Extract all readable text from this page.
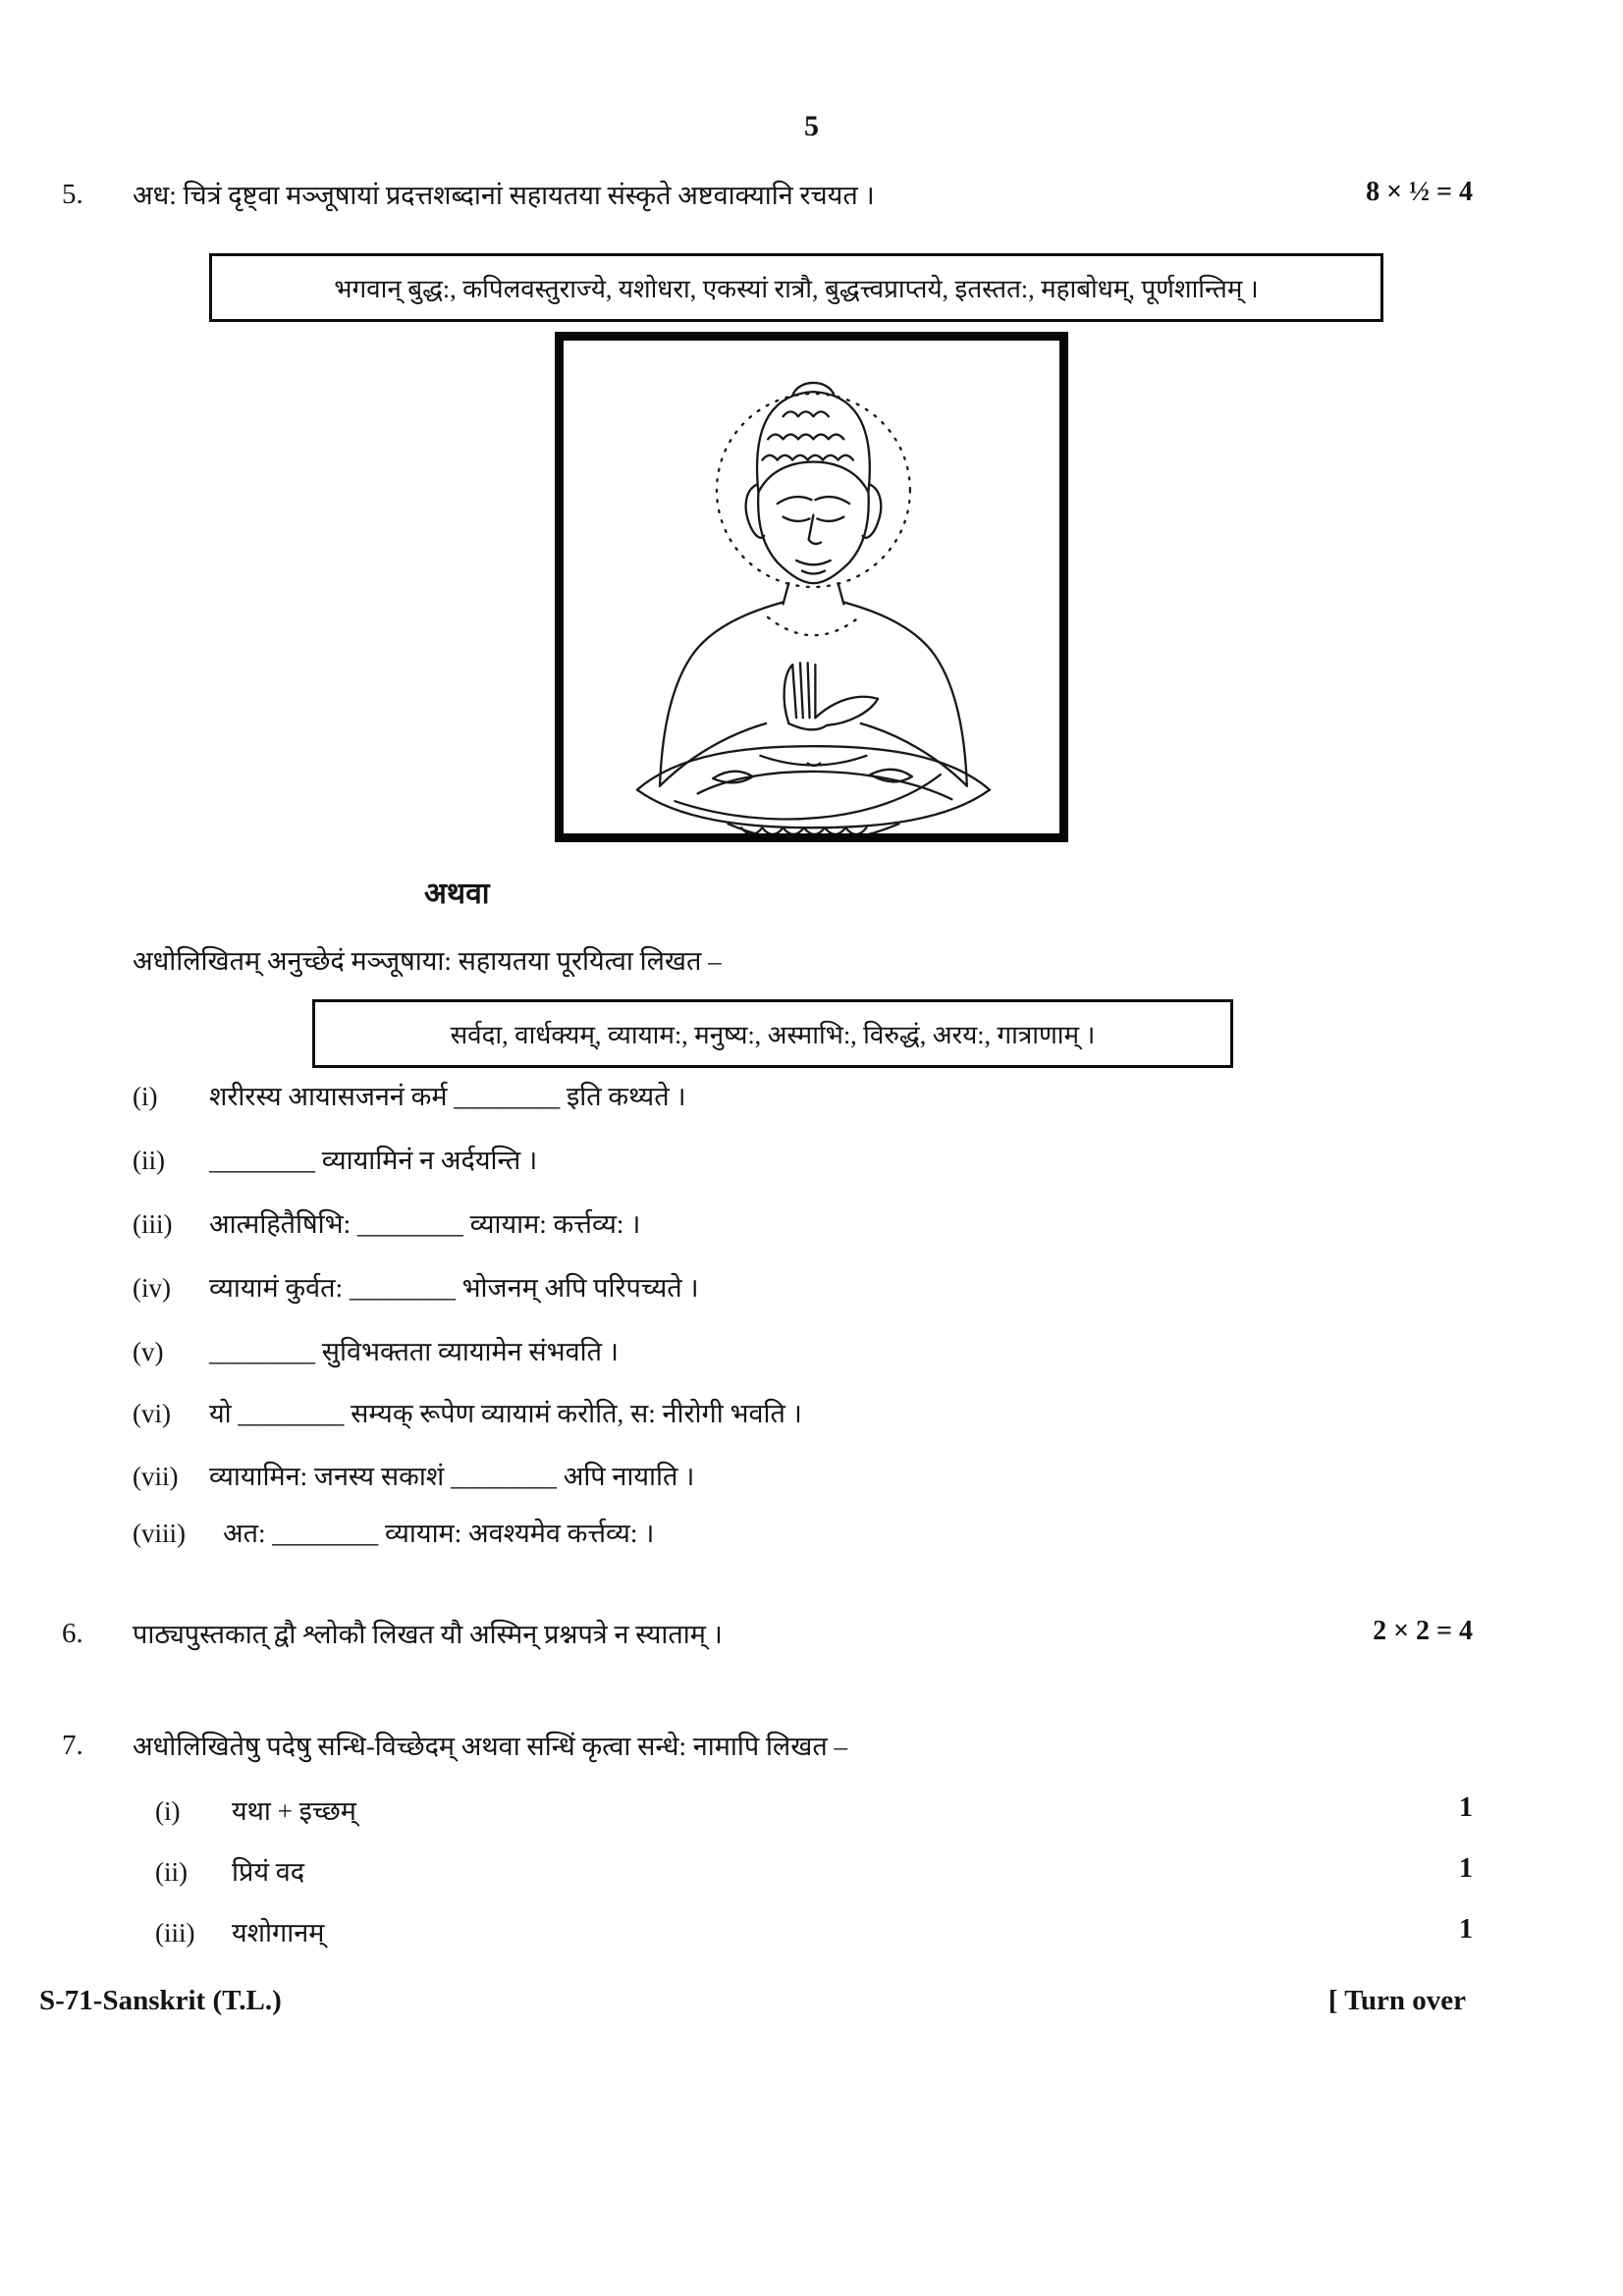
5
5. अध: चित्रं दृष्ट्वा मञ्जूषायां प्रदत्तशब्दानां सहायतया संस्कृते अष्टवाक्यानि रचयत ।	8 × ½ = 4
भगवान् बुद्ध:, कपिलवस्तुराज्ये, यशोधरा, एकस्यां रात्रौ, बुद्धत्त्वप्राप्तये, इतस्तत:, महाबोधम्, पूर्णशान्तिम् ।
अथवा
अधोलिखितम् अनुच्छेदं मञ्जूषाया: सहायतया पूरयित्वा लिखत –
सर्वदा, वार्धक्यम्, व्यायाम:, मनुष्य:, अस्माभि:, विरुद्धं, अरय:, गात्राणाम् ।
(i) शरीरस्य आयासजननं कर्म ________ इति कथ्यते ।
(ii) ________ व्यायामिनं न अर्दयन्ति ।
(iii) आत्महितैषिभि: ________ व्यायाम: कर्त्तव्य: ।
(iv) व्यायामं कुर्वत: ________ भोजनम् अपि परिपच्यते ।
(v) ________ सुविभक्तता व्यायामेन संभवति ।
(vi) यो ________ सम्यक् रूपेण व्यायामं करोति, स: नीरोगी भवति ।
(vii) व्यायामिन: जनस्य सकाशं ________ अपि नायाति ।
(viii) अत: ________ व्यायाम: अवश्यमेव कर्त्तव्य: ।
6. पाठ्यपुस्तकात् द्वौ श्लोकौ लिखत यौ अस्मिन् प्रश्नपत्रे न स्याताम् ।	2 × 2 = 4
7. अधोलिखितेषु पदेषु सन्धि-विच्छेदम् अथवा सन्धिं कृत्वा सन्धे: नामापि लिखत –
(i) यथा + इच्छम्	1
(ii) प्रियं वद	1
(iii) यशोगानम्	1
S-71-Sanskrit (T.L.)	[ Turn over
